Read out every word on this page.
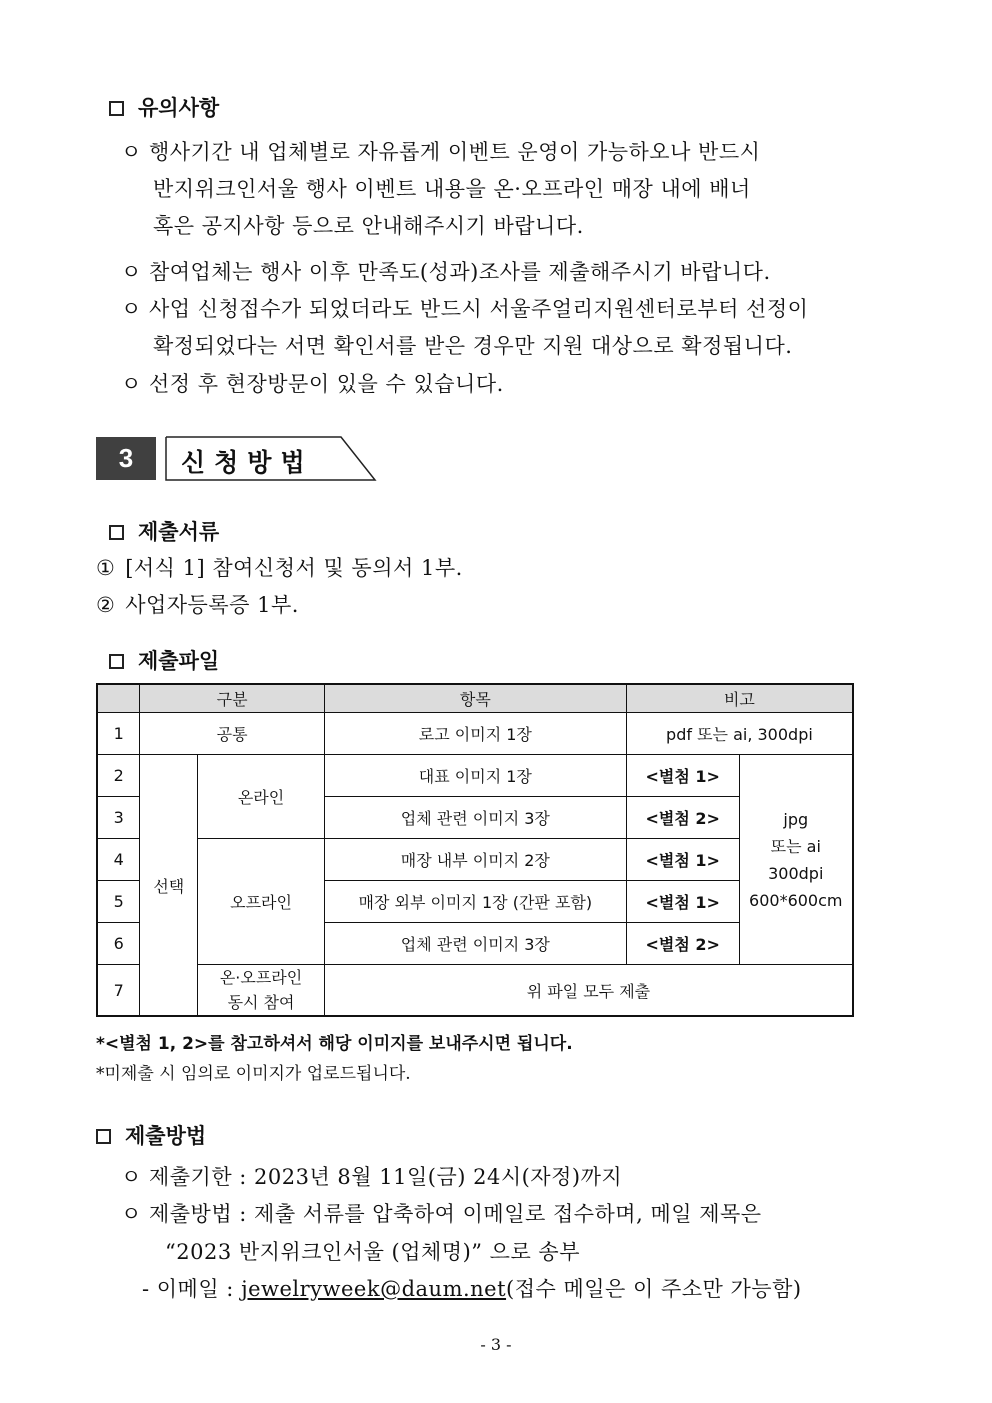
유의사항
ㅇ 행사기간 내 업체별로 자유롭게 이벤트 운영이 가능하오나 반드시
반지위크인서울 행사 이벤트 내용을 온·오프라인 매장 내에 배너
혹은 공지사항 등으로 안내해주시기 바랍니다.
ㅇ 참여업체는 행사 이후 만족도(성과)조사를 제출해주시기 바랍니다.
ㅇ 사업 신청접수가 되었더라도 반드시 서울주얼리지원센터로부터 선정이
확정되었다는 서면 확인서를 받은 경우만 지원 대상으로 확정됩니다.
ㅇ 선정 후 현장방문이 있을 수 있습니다.
3	신청방법
제출서류
① [서식 1] 참여신청서 및 동의서 1부.
② 사업자등록증 1부.
제출파일
	구분		항목	비고	
1	공통		로고 이미지 1장	pdf 또는 ai, 300dpi	
2	선택	온라인	대표 이미지 1장	<별첨 1>	jpg
또는 ai
300dpi
600*600cm

3			업체 관련 이미지 3장	<별첨 2>	
4		오프라인	매장 내부 이미지 2장	<별첨 1>	
5			매장 외부 이미지 1장 (간판 포함)	<별첨 1>	
6			업체 관련 이미지 3장	<별첨 2>	
7		온·오프라인
동시 참여	위 파일 모두 제출		
*<별첨 1, 2>를 참고하셔서 해당 이미지를 보내주시면 됩니다.
*미제출 시 임의로 이미지가 업로드됩니다.
제출방법
ㅇ 제출기한 : 2023년 8월 11일(금) 24시(자정)까지
ㅇ 제출방법 : 제출 서류를 압축하여 이메일로 접수하며, 메일 제목은
“2023 반지위크인서울 (업체명)” 으로 송부
- 이메일 : jewelryweek@daum.net(접수 메일은 이 주소만 가능함)
- 3 -
